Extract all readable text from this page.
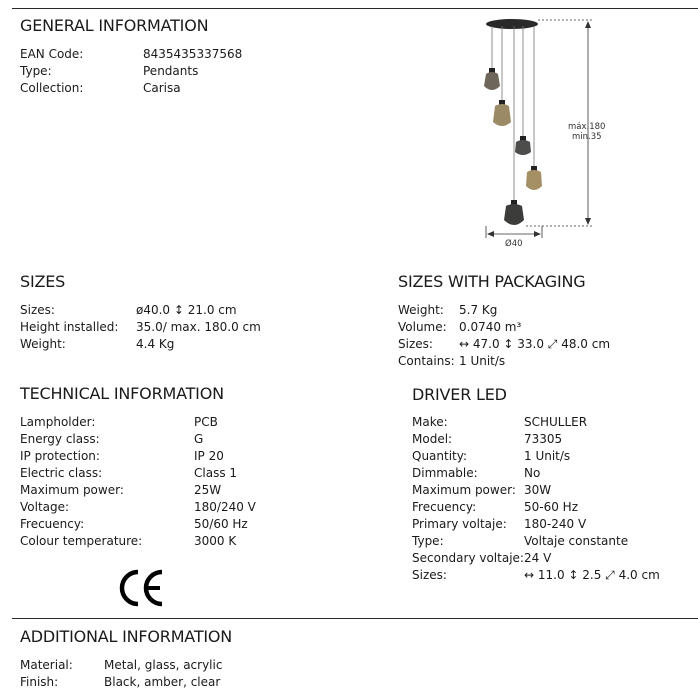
GENERAL INFORMATION
EAN Code:	8435435337568
Type:	Pendants
Collection:	Carisa
máx.180
min.35
Ø40
SIZES
Sizes:	ø40.0 ↕ 21.0 cm
Height installed: 35.0/ max. 180.0 cm
Weight:	4.4 Kg
SIZES WITH PACKAGING
Weight: 5.7 Kg
Volume: 0.0740 m³
Sizes: ↔ 47.0 ↕ 33.0 ⤢ 48.0 cm
Contains: 1 Unit/s
TECHNICAL INFORMATION
Lampholder:	PCB
Energy class:	G
IP protection:	IP 20
Electric class:	Class 1
Maximum power:	25W
Voltage:	180/240 V
Frecuency:	50/60 Hz
Colour temperature:	3000 K
DRIVER LED
Make:	SCHULLER
Model:	73305
Quantity:	1 Unit/s
Dimmable:	No
Maximum power: 30W
Frecuency:	50-60 Hz
Primary voltaje: 180-240 V
Type:	Voltaje constante
Secondary voltaje: 24 V
Sizes:	↔ 11.0 ↕ 2.5 ⤢ 4.0 cm
ADDITIONAL INFORMATION
Material:	Metal, glass, acrylic
Finish:	Black, amber, clear
